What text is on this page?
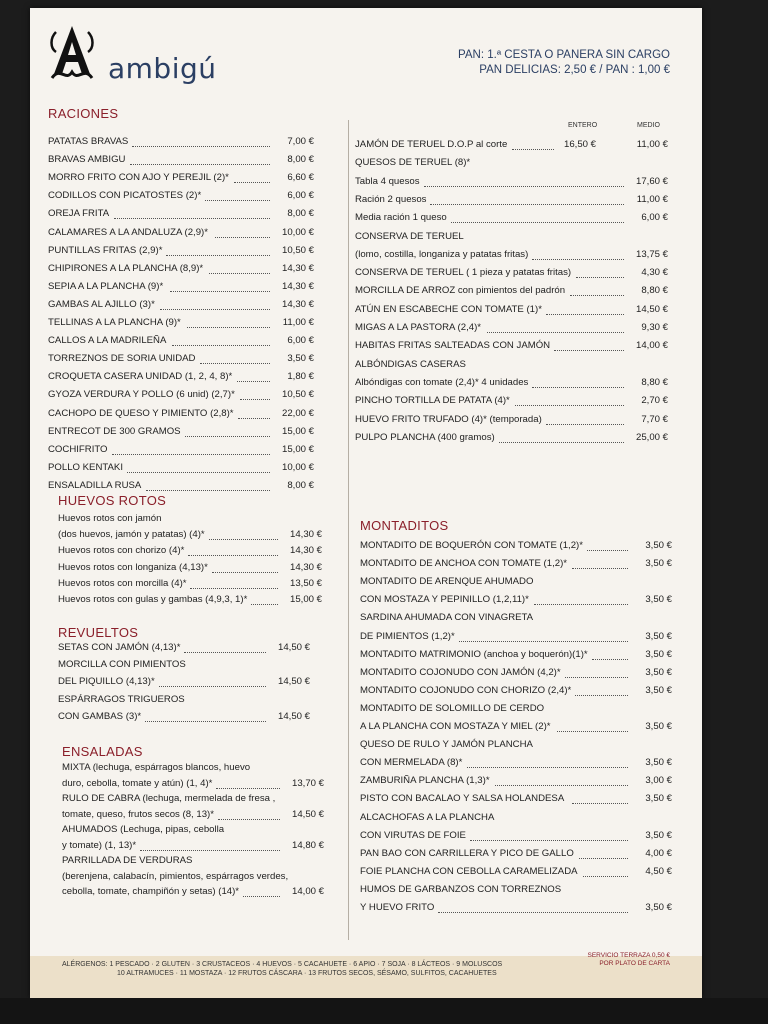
ambigú	PAN: 1.ª CESTA O PANERA SIN CARGO
PAN DELICIAS: 2,50 € / PAN : 1,00 €
ENTERO	MEDIO
RACIONES
PATATAS BRAVAS	7,00 €
BRAVAS AMBIGU	8,00 €
MORRO FRITO CON AJO Y PEREJIL (2)*	6,60 €
CODILLOS CON PICATOSTES (2)*	6,00 €
OREJA FRITA	8,00 €
CALAMARES A LA ANDALUZA (2,9)*	10,00 €
PUNTILLAS FRITAS (2,9)*	10,50 €
CHIPIRONES A LA PLANCHA (8,9)*	14,30 €
SEPIA A LA PLANCHA (9)*	14,30 €
GAMBAS AL AJILLO (3)*	14,30 €
TELLINAS A LA PLANCHA (9)*	11,00 €
CALLOS A LA MADRILEÑA	6,00 €
TORREZNOS DE SORIA UNIDAD	3,50 €
CROQUETA CASERA UNIDAD (1, 2, 4, 8)*	1,80 €
GYOZA VERDURA Y POLLO (6 unid) (2,7)*	10,50 €
CACHOPO DE QUESO Y PIMIENTO (2,8)*	22,00 €
ENTRECOT DE 300 GRAMOS	15,00 €
COCHIFRITO	15,00 €
POLLO KENTAKI	10,00 €
ENSALADILLA RUSA	8,00 €
HUEVOS ROTOS
Huevos rotos con jamón
(dos huevos, jamón y patatas) (4)*	14,30 €
Huevos rotos con chorizo (4)*	14,30 €
Huevos rotos con longaniza (4,13)*	14,30 €
Huevos rotos con morcilla (4)*	13,50 €
Huevos rotos con gulas y gambas (4,9,3, 1)*	15,00 €
REVUELTOS
SETAS CON JAMÓN (4,13)*	14,50 €
MORCILLA CON PIMIENTOS
DEL PIQUILLO (4,13)*	14,50 €
ESPÁRRAGOS TRIGUEROS
CON GAMBAS (3)*	14,50 €
ENSALADAS
MIXTA (lechuga, espárragos blancos, huevo
duro, cebolla, tomate y atún) (1, 4)*	13,70 €
RULO DE CABRA (lechuga, mermelada de fresa ,
tomate, queso, frutos secos (8, 13)*	14,50 €
AHUMADOS (Lechuga, pipas, cebolla
y tomate) (1, 13)*	14,80 €
PARRILLADA DE VERDURAS
(berenjena, calabacín, pimientos, espárragos verdes,
cebolla, tomate, champiñón y setas) (14)*	14,00 €
JAMÓN DE TERUEL D.O.P al corte	16,50 €	11,00 €
QUESOS DE TERUEL (8)*
Tabla 4 quesos	17,60 €
Ración 2 quesos	11,00 €
Media ración 1 queso	6,00 €
CONSERVA DE TERUEL
(lomo, costilla, longaniza y patatas fritas)	13,75 €
CONSERVA DE TERUEL ( 1 pieza y patatas fritas)	4,30 €
MORCILLA DE ARROZ con pimientos del padrón	8,80 €
ATÚN EN ESCABECHE CON TOMATE (1)*	14,50 €
MIGAS A LA PASTORA (2,4)*	9,30 €
HABITAS FRITAS SALTEADAS CON JAMÓN	14,00 €
ALBÓNDIGAS CASERAS
Albóndigas con tomate (2,4)* 4 unidades	8,80 €
PINCHO TORTILLA DE PATATA (4)*	2,70 €
HUEVO FRITO TRUFADO (4)* (temporada)	7,70 €
PULPO PLANCHA (400 gramos)	25,00 €
MONTADITOS
MONTADITO DE BOQUERÓN CON TOMATE (1,2)*	3,50 €
MONTADITO DE ANCHOA CON TOMATE (1,2)*	3,50 €
MONTADITO DE ARENQUE AHUMADO
CON MOSTAZA Y PEPINILLO (1,2,11)*	3,50 €
SARDINA AHUMADA CON VINAGRETA
DE PIMIENTOS (1,2)*	3,50 €
MONTADITO MATRIMONIO (anchoa y boquerón)(1)*	3,50 €
MONTADITO COJONUDO CON JAMÓN (4,2)*	3,50 €
MONTADITO COJONUDO CON CHORIZO (2,4)*	3,50 €
MONTADITO DE SOLOMILLO DE CERDO
A LA PLANCHA CON MOSTAZA Y MIEL (2)*	3,50 €
QUESO DE RULO Y JAMÓN PLANCHA
CON MERMELADA (8)*	3,50 €
ZAMBURIÑA PLANCHA (1,3)*	3,00 €
PISTO CON BACALAO Y SALSA HOLANDESA	3,50 €
ALCACHOFAS A LA PLANCHA
CON VIRUTAS DE FOIE	3,50 €
PAN BAO CON CARRILLERA Y PICO DE GALLO	4,00 €
FOIE PLANCHA CON CEBOLLA CARAMELIZADA	4,50 €
HUMOS DE GARBANZOS CON TORREZNOS
Y HUEVO FRITO	3,50 €
ALÉRGENOS: 1 PESCADO · 2 GLUTEN · 3 CRUSTACEOS · 4 HUEVOS · 5 CACAHUETE · 6 APIO · 7 SOJA · 8 LÁCTEOS · 9 MOLUSCOS
10 ALTRAMUCES · 11 MOSTAZA · 12 FRUTOS CÁSCARA · 13 FRUTOS SECOS, SÉSAMO, SULFITOS, CACAHUETES
SERVICIO TERRAZA 0,50 €
POR PLATO DE CARTA
